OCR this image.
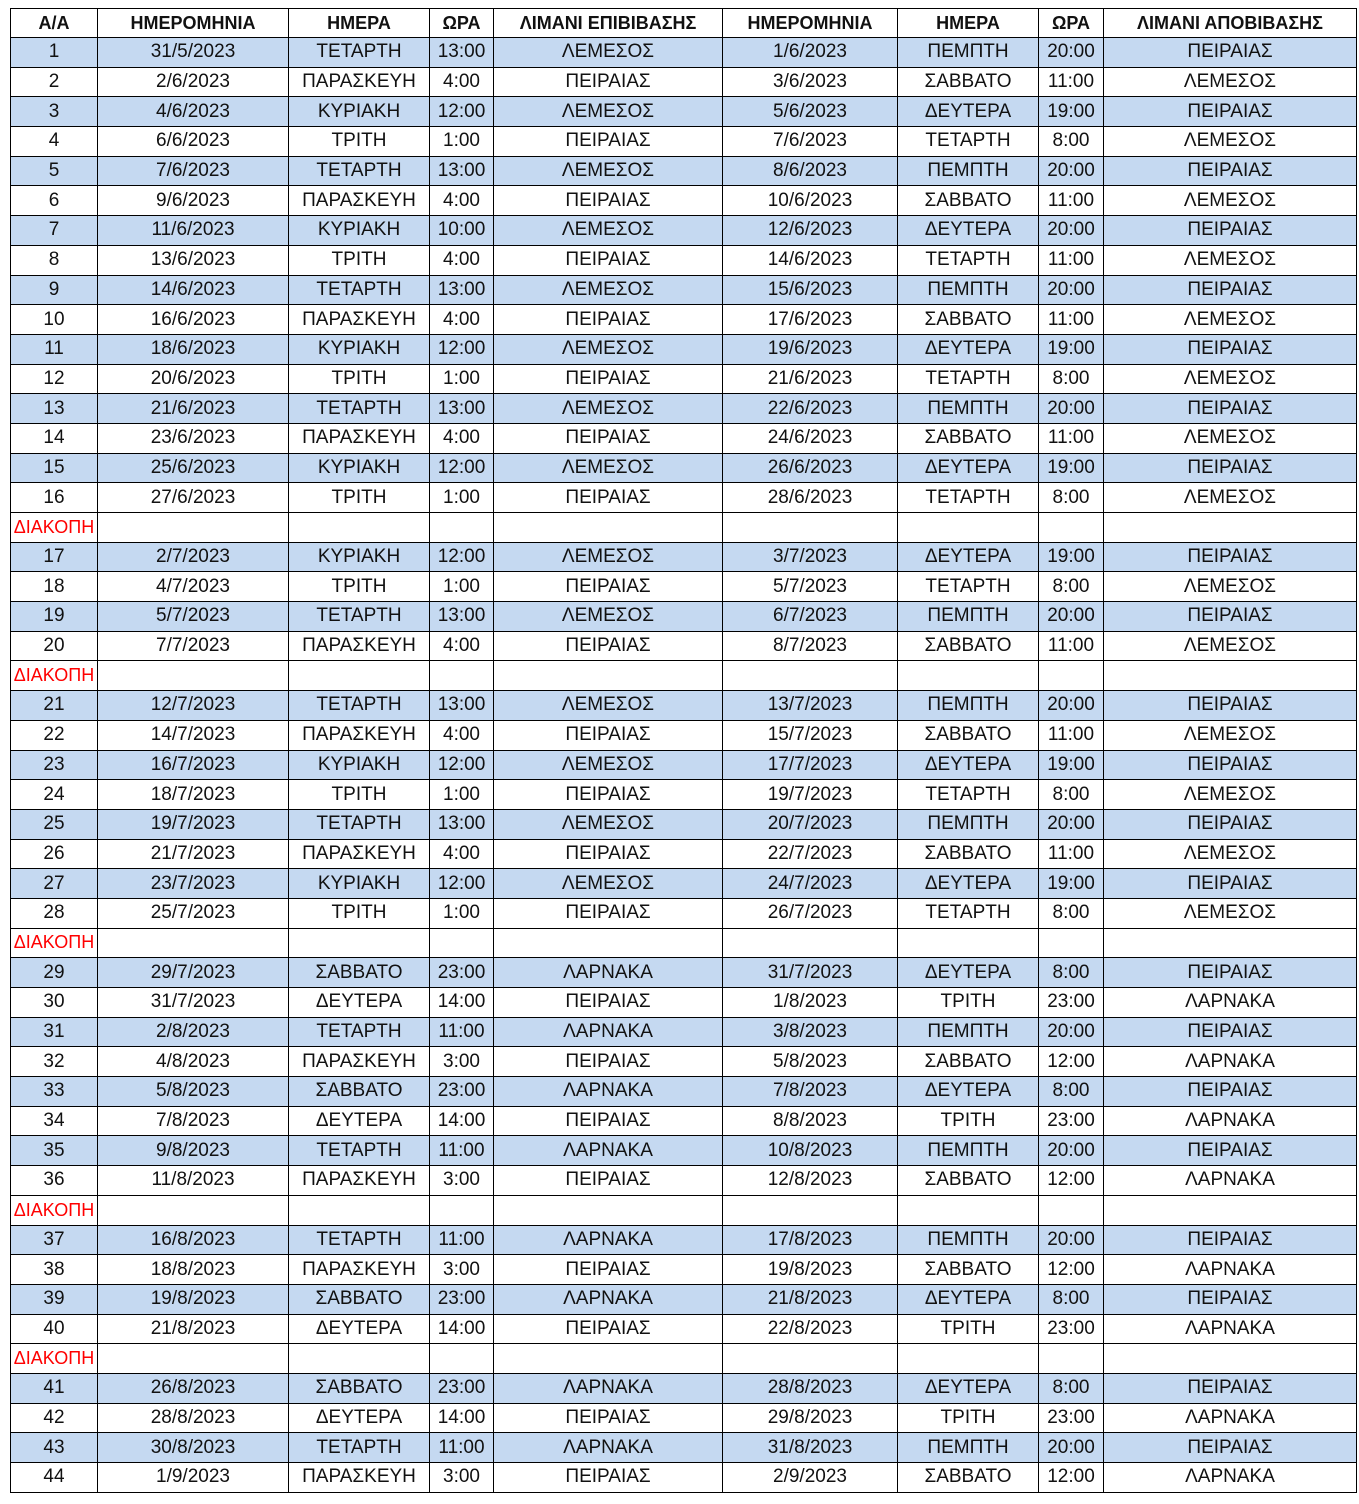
Α/Α	ΗΜΕΡΟΜΗΝΙΑ	ΗΜΕΡΑ	ΩΡΑ	ΛΙΜΑΝΙ ΕΠΙΒΙΒΑΣΗΣ	ΗΜΕΡΟΜΗΝΙΑ	ΗΜΕΡΑ	ΩΡΑ	ΛΙΜΑΝΙ ΑΠΟΒΙΒΑΣΗΣ
1	31/5/2023	ΤΕΤΑΡΤΗ	13:00	ΛΕΜΕΣΟΣ	1/6/2023	ΠΕΜΠΤΗ	20:00	ΠΕΙΡΑΙΑΣ
2	2/6/2023	ΠΑΡΑΣΚΕΥΗ	4:00	ΠΕΙΡΑΙΑΣ	3/6/2023	ΣΑΒΒΑΤΟ	11:00	ΛΕΜΕΣΟΣ
3	4/6/2023	ΚΥΡΙΑΚΗ	12:00	ΛΕΜΕΣΟΣ	5/6/2023	ΔΕΥΤΕΡΑ	19:00	ΠΕΙΡΑΙΑΣ
4	6/6/2023	ΤΡΙΤΗ	1:00	ΠΕΙΡΑΙΑΣ	7/6/2023	ΤΕΤΑΡΤΗ	8:00	ΛΕΜΕΣΟΣ
5	7/6/2023	ΤΕΤΑΡΤΗ	13:00	ΛΕΜΕΣΟΣ	8/6/2023	ΠΕΜΠΤΗ	20:00	ΠΕΙΡΑΙΑΣ
6	9/6/2023	ΠΑΡΑΣΚΕΥΗ	4:00	ΠΕΙΡΑΙΑΣ	10/6/2023	ΣΑΒΒΑΤΟ	11:00	ΛΕΜΕΣΟΣ
7	11/6/2023	ΚΥΡΙΑΚΗ	10:00	ΛΕΜΕΣΟΣ	12/6/2023	ΔΕΥΤΕΡΑ	20:00	ΠΕΙΡΑΙΑΣ
8	13/6/2023	ΤΡΙΤΗ	4:00	ΠΕΙΡΑΙΑΣ	14/6/2023	ΤΕΤΑΡΤΗ	11:00	ΛΕΜΕΣΟΣ
9	14/6/2023	ΤΕΤΑΡΤΗ	13:00	ΛΕΜΕΣΟΣ	15/6/2023	ΠΕΜΠΤΗ	20:00	ΠΕΙΡΑΙΑΣ
10	16/6/2023	ΠΑΡΑΣΚΕΥΗ	4:00	ΠΕΙΡΑΙΑΣ	17/6/2023	ΣΑΒΒΑΤΟ	11:00	ΛΕΜΕΣΟΣ
11	18/6/2023	ΚΥΡΙΑΚΗ	12:00	ΛΕΜΕΣΟΣ	19/6/2023	ΔΕΥΤΕΡΑ	19:00	ΠΕΙΡΑΙΑΣ
12	20/6/2023	ΤΡΙΤΗ	1:00	ΠΕΙΡΑΙΑΣ	21/6/2023	ΤΕΤΑΡΤΗ	8:00	ΛΕΜΕΣΟΣ
13	21/6/2023	ΤΕΤΑΡΤΗ	13:00	ΛΕΜΕΣΟΣ	22/6/2023	ΠΕΜΠΤΗ	20:00	ΠΕΙΡΑΙΑΣ
14	23/6/2023	ΠΑΡΑΣΚΕΥΗ	4:00	ΠΕΙΡΑΙΑΣ	24/6/2023	ΣΑΒΒΑΤΟ	11:00	ΛΕΜΕΣΟΣ
15	25/6/2023	ΚΥΡΙΑΚΗ	12:00	ΛΕΜΕΣΟΣ	26/6/2023	ΔΕΥΤΕΡΑ	19:00	ΠΕΙΡΑΙΑΣ
16	27/6/2023	ΤΡΙΤΗ	1:00	ΠΕΙΡΑΙΑΣ	28/6/2023	ΤΕΤΑΡΤΗ	8:00	ΛΕΜΕΣΟΣ
ΔΙΑΚΟΠΗ								
17	2/7/2023	ΚΥΡΙΑΚΗ	12:00	ΛΕΜΕΣΟΣ	3/7/2023	ΔΕΥΤΕΡΑ	19:00	ΠΕΙΡΑΙΑΣ
18	4/7/2023	ΤΡΙΤΗ	1:00	ΠΕΙΡΑΙΑΣ	5/7/2023	ΤΕΤΑΡΤΗ	8:00	ΛΕΜΕΣΟΣ
19	5/7/2023	ΤΕΤΑΡΤΗ	13:00	ΛΕΜΕΣΟΣ	6/7/2023	ΠΕΜΠΤΗ	20:00	ΠΕΙΡΑΙΑΣ
20	7/7/2023	ΠΑΡΑΣΚΕΥΗ	4:00	ΠΕΙΡΑΙΑΣ	8/7/2023	ΣΑΒΒΑΤΟ	11:00	ΛΕΜΕΣΟΣ
ΔΙΑΚΟΠΗ								
21	12/7/2023	ΤΕΤΑΡΤΗ	13:00	ΛΕΜΕΣΟΣ	13/7/2023	ΠΕΜΠΤΗ	20:00	ΠΕΙΡΑΙΑΣ
22	14/7/2023	ΠΑΡΑΣΚΕΥΗ	4:00	ΠΕΙΡΑΙΑΣ	15/7/2023	ΣΑΒΒΑΤΟ	11:00	ΛΕΜΕΣΟΣ
23	16/7/2023	ΚΥΡΙΑΚΗ	12:00	ΛΕΜΕΣΟΣ	17/7/2023	ΔΕΥΤΕΡΑ	19:00	ΠΕΙΡΑΙΑΣ
24	18/7/2023	ΤΡΙΤΗ	1:00	ΠΕΙΡΑΙΑΣ	19/7/2023	ΤΕΤΑΡΤΗ	8:00	ΛΕΜΕΣΟΣ
25	19/7/2023	ΤΕΤΑΡΤΗ	13:00	ΛΕΜΕΣΟΣ	20/7/2023	ΠΕΜΠΤΗ	20:00	ΠΕΙΡΑΙΑΣ
26	21/7/2023	ΠΑΡΑΣΚΕΥΗ	4:00	ΠΕΙΡΑΙΑΣ	22/7/2023	ΣΑΒΒΑΤΟ	11:00	ΛΕΜΕΣΟΣ
27	23/7/2023	ΚΥΡΙΑΚΗ	12:00	ΛΕΜΕΣΟΣ	24/7/2023	ΔΕΥΤΕΡΑ	19:00	ΠΕΙΡΑΙΑΣ
28	25/7/2023	ΤΡΙΤΗ	1:00	ΠΕΙΡΑΙΑΣ	26/7/2023	ΤΕΤΑΡΤΗ	8:00	ΛΕΜΕΣΟΣ
ΔΙΑΚΟΠΗ								
29	29/7/2023	ΣΑΒΒΑΤΟ	23:00	ΛΑΡΝΑΚΑ	31/7/2023	ΔΕΥΤΕΡΑ	8:00	ΠΕΙΡΑΙΑΣ
30	31/7/2023	ΔΕΥΤΕΡΑ	14:00	ΠΕΙΡΑΙΑΣ	1/8/2023	ΤΡΙΤΗ	23:00	ΛΑΡΝΑΚΑ
31	2/8/2023	ΤΕΤΑΡΤΗ	11:00	ΛΑΡΝΑΚΑ	3/8/2023	ΠΕΜΠΤΗ	20:00	ΠΕΙΡΑΙΑΣ
32	4/8/2023	ΠΑΡΑΣΚΕΥΗ	3:00	ΠΕΙΡΑΙΑΣ	5/8/2023	ΣΑΒΒΑΤΟ	12:00	ΛΑΡΝΑΚΑ
33	5/8/2023	ΣΑΒΒΑΤΟ	23:00	ΛΑΡΝΑΚΑ	7/8/2023	ΔΕΥΤΕΡΑ	8:00	ΠΕΙΡΑΙΑΣ
34	7/8/2023	ΔΕΥΤΕΡΑ	14:00	ΠΕΙΡΑΙΑΣ	8/8/2023	ΤΡΙΤΗ	23:00	ΛΑΡΝΑΚΑ
35	9/8/2023	ΤΕΤΑΡΤΗ	11:00	ΛΑΡΝΑΚΑ	10/8/2023	ΠΕΜΠΤΗ	20:00	ΠΕΙΡΑΙΑΣ
36	11/8/2023	ΠΑΡΑΣΚΕΥΗ	3:00	ΠΕΙΡΑΙΑΣ	12/8/2023	ΣΑΒΒΑΤΟ	12:00	ΛΑΡΝΑΚΑ
ΔΙΑΚΟΠΗ								
37	16/8/2023	ΤΕΤΑΡΤΗ	11:00	ΛΑΡΝΑΚΑ	17/8/2023	ΠΕΜΠΤΗ	20:00	ΠΕΙΡΑΙΑΣ
38	18/8/2023	ΠΑΡΑΣΚΕΥΗ	3:00	ΠΕΙΡΑΙΑΣ	19/8/2023	ΣΑΒΒΑΤΟ	12:00	ΛΑΡΝΑΚΑ
39	19/8/2023	ΣΑΒΒΑΤΟ	23:00	ΛΑΡΝΑΚΑ	21/8/2023	ΔΕΥΤΕΡΑ	8:00	ΠΕΙΡΑΙΑΣ
40	21/8/2023	ΔΕΥΤΕΡΑ	14:00	ΠΕΙΡΑΙΑΣ	22/8/2023	ΤΡΙΤΗ	23:00	ΛΑΡΝΑΚΑ
ΔΙΑΚΟΠΗ								
41	26/8/2023	ΣΑΒΒΑΤΟ	23:00	ΛΑΡΝΑΚΑ	28/8/2023	ΔΕΥΤΕΡΑ	8:00	ΠΕΙΡΑΙΑΣ
42	28/8/2023	ΔΕΥΤΕΡΑ	14:00	ΠΕΙΡΑΙΑΣ	29/8/2023	ΤΡΙΤΗ	23:00	ΛΑΡΝΑΚΑ
43	30/8/2023	ΤΕΤΑΡΤΗ	11:00	ΛΑΡΝΑΚΑ	31/8/2023	ΠΕΜΠΤΗ	20:00	ΠΕΙΡΑΙΑΣ
44	1/9/2023	ΠΑΡΑΣΚΕΥΗ	3:00	ΠΕΙΡΑΙΑΣ	2/9/2023	ΣΑΒΒΑΤΟ	12:00	ΛΑΡΝΑΚΑ
